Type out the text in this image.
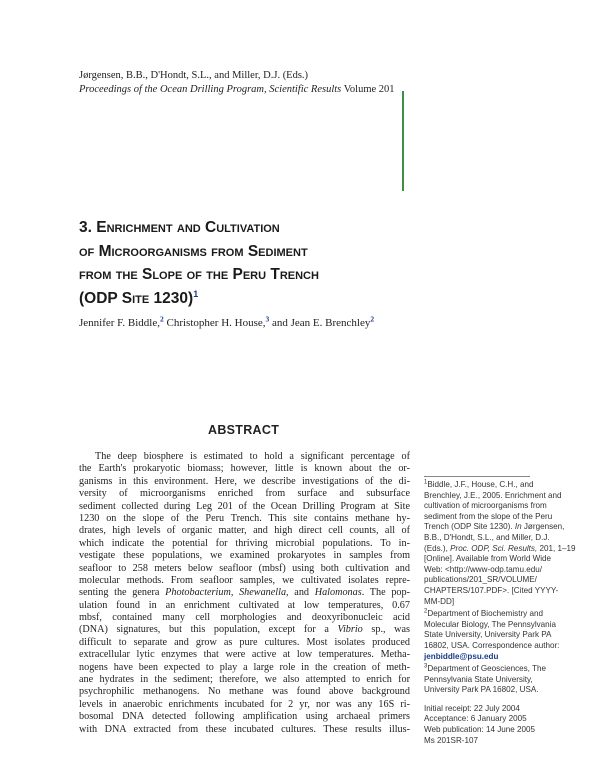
Jørgensen, B.B., D'Hondt, S.L., and Miller, D.J. (Eds.)

Proceedings of the Ocean Drilling Program, Scientific Results Volume 201

3. Enrichment and Cultivation
of Microorganisms from Sediment
from the Slope of the Peru Trench
(ODP Site 1230)$^1$

Jennifer F. Biddle,$^2$ Christopher H. House,$^3$ and Jean E. Brenchley$^2$

ABSTRACT
The deep biosphere is estimated to hold a significant percentage of
the Earth's prokaryotic biomass; however, little is known about the or-
ganisms in this environment. Here, we describe investigations of the di-
versity of microorganisms enriched from surface and subsurface
sediment collected during Leg 201 of the Ocean Drilling Program at Site
1230 on the slope of the Peru Trench. This site contains methane hy-
drates, high levels of organic matter, and high direct cell counts, all of
which indicate the potential for thriving microbial populations. To in-
vestigate these populations, we examined prokaryotes in samples from
seafloor to 258 meters below seafloor (mbsf) using both cultivation and
molecular methods. From seafloor samples, we cultivated isolates repre-
senting the genera Photobacterium, Shewanella, and Halomonas. The pop-
ulation found in an enrichment cultivated at low temperatures, 0.67
mbsf, contained many cell morphologies and deoxyribonucleic acid
(DNA) signatures, but this population, except for a Vibrio sp., was
difficult to separate and grow as pure cultures. Most isolates produced
extracellular lytic enzymes that were active at low temperatures. Metha-
nogens have been expected to play a large role in the creation of meth-
ane hydrates in the sediment; therefore, we also attempted to enrich for
psychrophilic methanogens. No methane was found above background
levels in anaerobic enrichments incubated for 2 yr, nor was any 16S ri-
bosomal DNA detected following amplification using archaeal primers
with DNA extracted from these incubated cultures. These results illus-
$^1$Biddle, J.F., House, C.H., and
Brenchley, J.E., 2005. Enrichment and
cultivation of microorganisms from
sediment from the slope of the Peru
Trench (ODP Site 1230). In Jørgensen,
B.B., D'Hondt, S.L., and Miller, D.J.
(Eds.), Proc. ODP, Sci. Results, 201, 1–19
[Online]. Available from World Wide
Web: <http://www-odp.tamu.edu/
publications/201_SR/VOLUME/
CHAPTERS/107.PDF>. [Cited YYYY-
MM-DD]

$^2$Department of Biochemistry and
Molecular Biology, The Pennsylvania
State University, University Park PA
16802, USA. Correspondence author:
jenbiddle@psu.edu
$^3$Department of Geosciences, The
Pennsylvania State University,
University Park PA 16802, USA.

Initial receipt: 22 July 2004
Acceptance: 6 January 2005
Web publication: 14 June 2005
Ms 201SR-107
